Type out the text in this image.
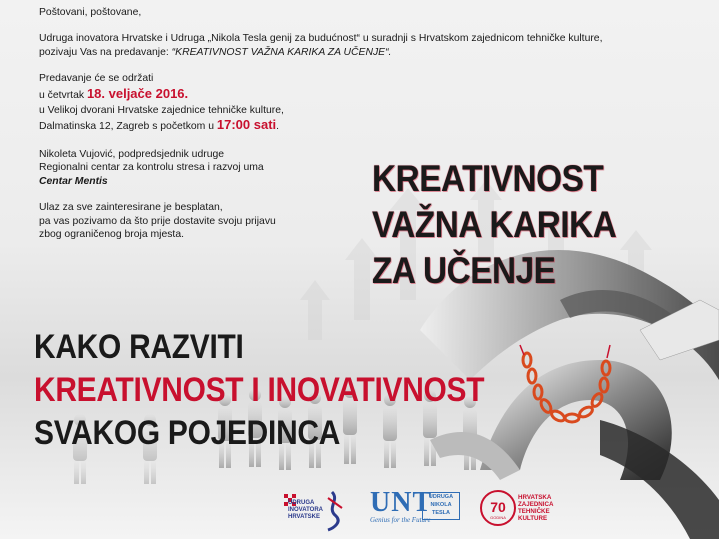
Poštovani, poštovane,

Udruga inovatora Hrvatske i Udruga „Nikola Tesla genij za budućnost“ u suradnji s Hrvatskom zajednicom tehničke kulture,

pozivaju Vas na predavanje: “KREATIVNOST VAŽNA KARIKA ZA UČENJE“.

Predavanje će se održati

u četvrtak 18. veljače 2016.

u Velikoj dvorani Hrvatske zajednice tehničke kulture,

Dalmatinska 12, Zagreb s početkom u 17:00 sati.

Nikoleta Vujović, podpredsjednik udruge

Regionalni centar za kontrolu stresa i razvoj uma

Centar Mentis

Ulaz za sve zainteresirane je besplatan,

pa vas pozivamo da što prije dostavite svoju prijavu

zbog ograničenog broja mjesta.

KREATIVNOST
VAŽNA KARIKA
ZA UČENJE
KAKO RAZVITI
KREATIVNOST I INOVATIVNOST
SVAKOG POJEDINCA
UDRUGA
INOVATORA
HRVATSKE UNT
Genius for the Future
UDRUGA
NIKOLA
TESLA	70
GODINA
HRVATSKA
ZAJEDNICA
TEHNIČKE
KULTURE
